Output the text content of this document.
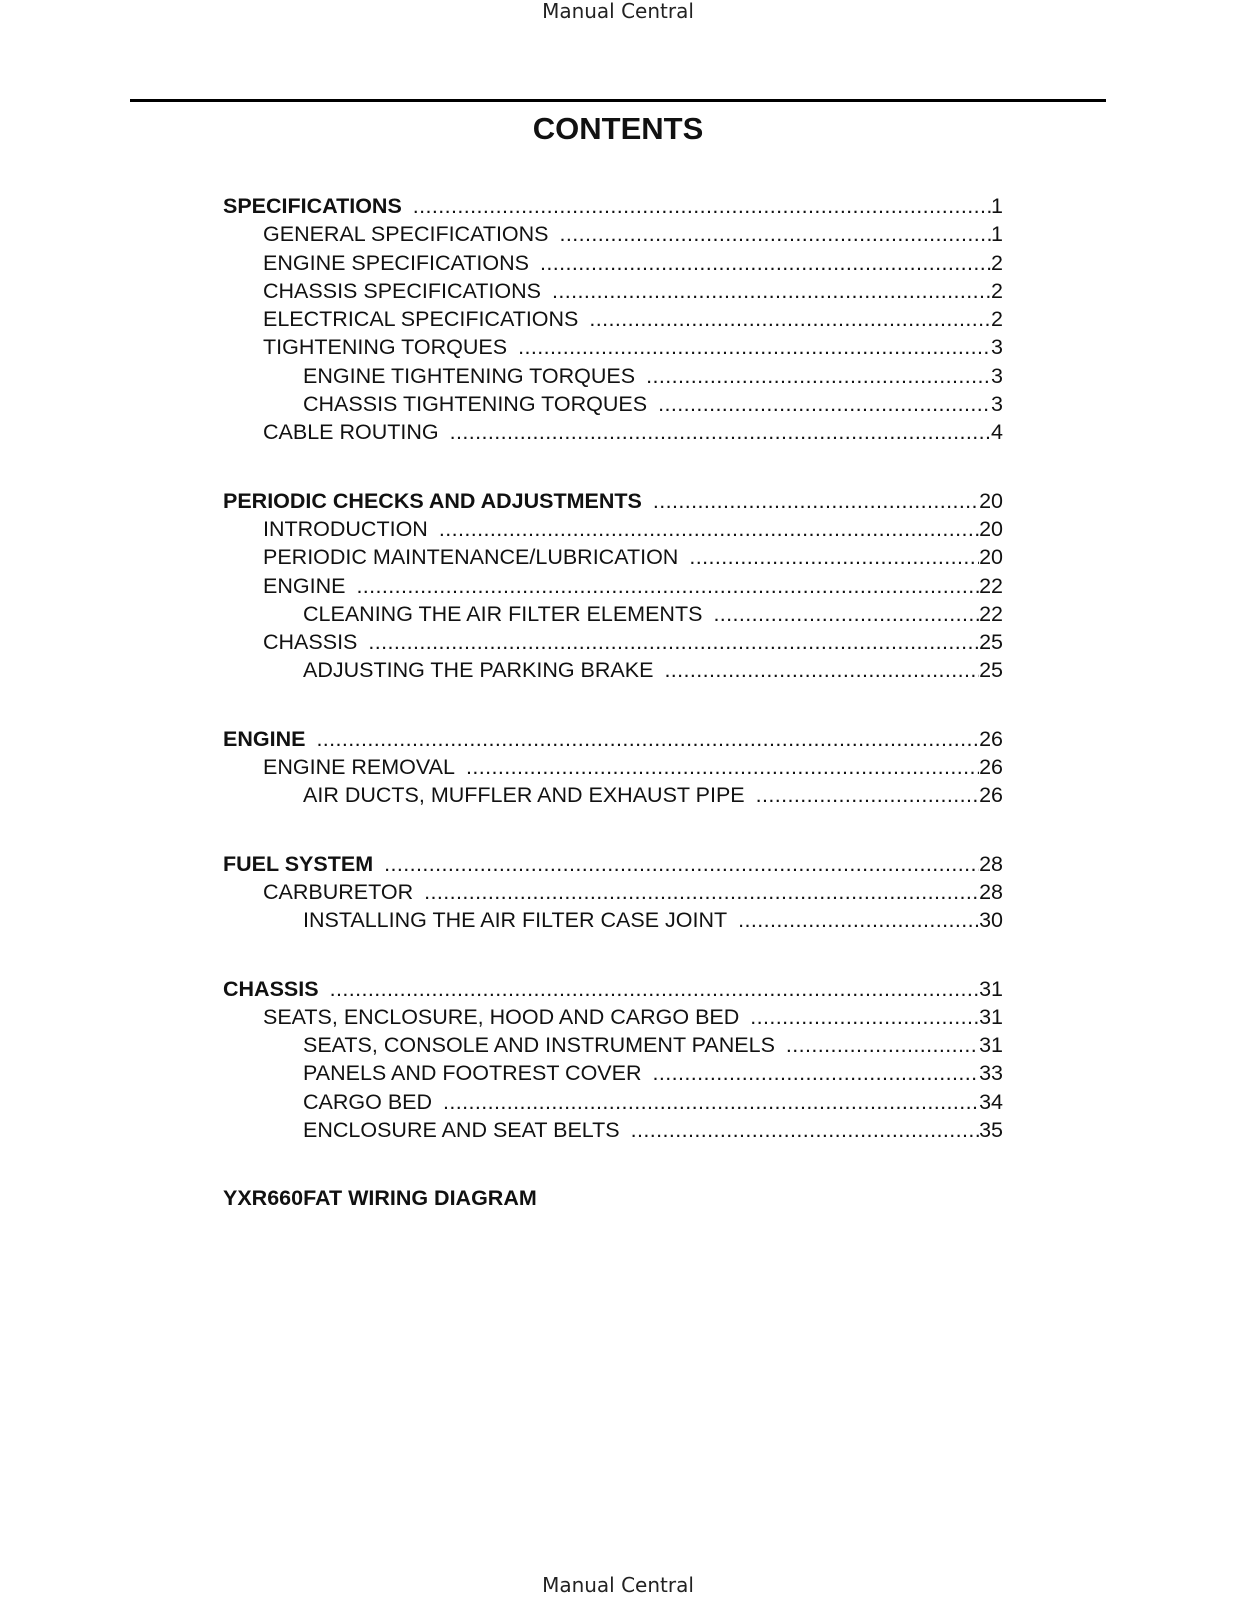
Manual Central
CONTENTS
SPECIFICATIONS .....	1
GENERAL SPECIFICATIONS .....	1
ENGINE SPECIFICATIONS .....	2
CHASSIS SPECIFICATIONS .....	2
ELECTRICAL SPECIFICATIONS .....	2
TIGHTENING TORQUES .....	3
ENGINE TIGHTENING TORQUES .....	3
CHASSIS TIGHTENING TORQUES .....	3
CABLE ROUTING .....	4
PERIODIC CHECKS AND ADJUSTMENTS .....	20
INTRODUCTION .....	20
PERIODIC MAINTENANCE/LUBRICATION .....	20
ENGINE .....	22
CLEANING THE AIR FILTER ELEMENTS .....	22
CHASSIS .....	25
ADJUSTING THE PARKING BRAKE .....	25
ENGINE .....	26
ENGINE REMOVAL .....	26
AIR DUCTS, MUFFLER AND EXHAUST PIPE .....	26
FUEL SYSTEM .....	28
CARBURETOR .....	28
INSTALLING THE AIR FILTER CASE JOINT .....	30
CHASSIS .....	31
SEATS, ENCLOSURE, HOOD AND CARGO BED .....	31
SEATS, CONSOLE AND INSTRUMENT PANELS .....	31
PANELS AND FOOTREST COVER .....	33
CARGO BED .....	34
ENCLOSURE AND SEAT BELTS .....	35
YXR660FAT WIRING DIAGRAM
Manual Central
